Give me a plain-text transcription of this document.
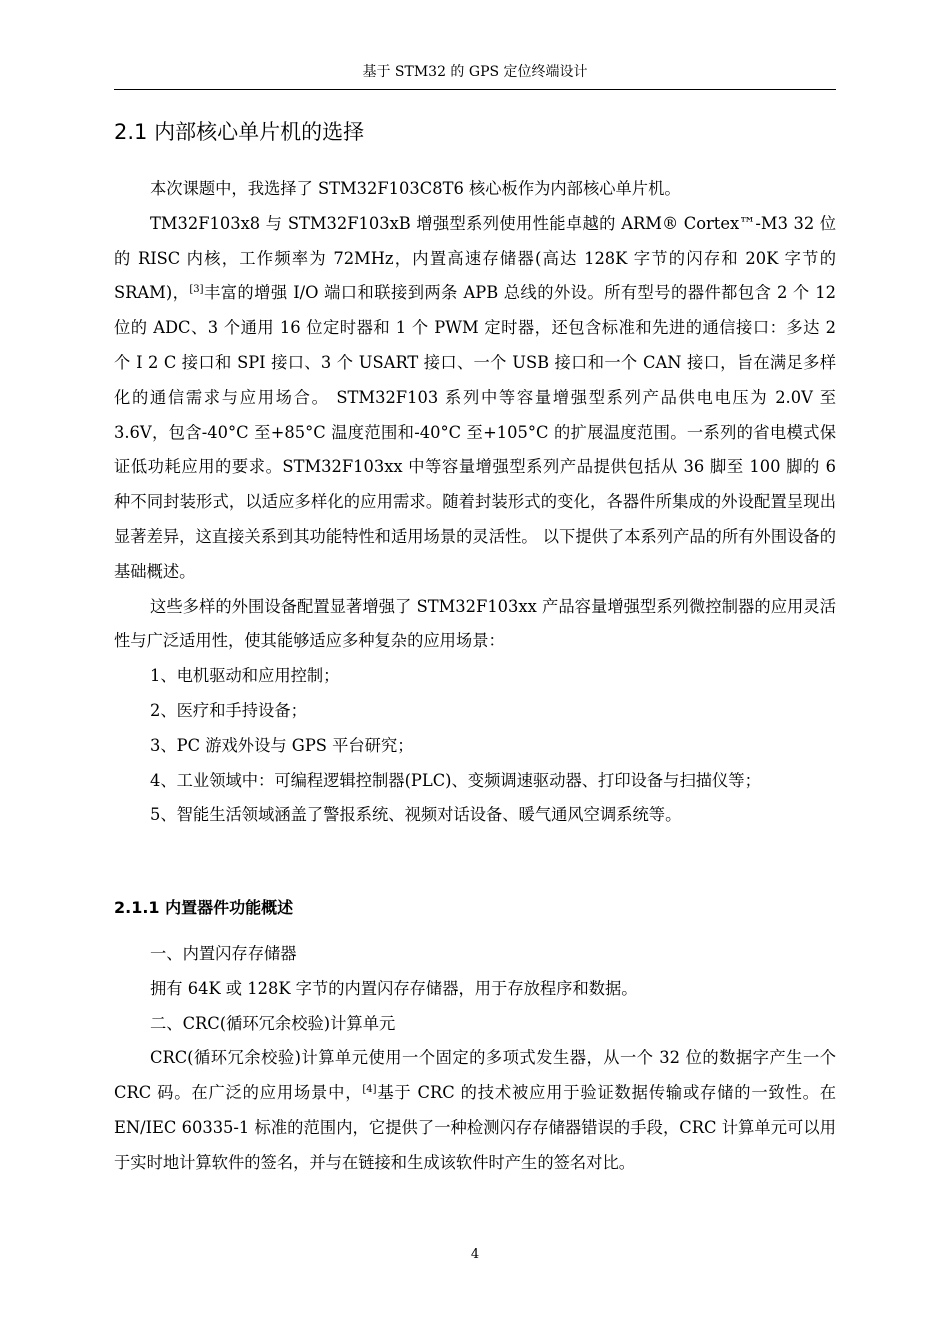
基于 STM32 的 GPS 定位终端设计
2.1 内部核心单片机的选择

本次课题中，我选择了 STM32F103C8T6 核心板作为内部核心单片机。

TM32F103x8 与 STM32F103xB 增强型系列使用性能卓越的 ARM® Cortex™-M3 32 位的 RISC 内核，工作频率为 72MHz，内置高速存储器(高达 128K 字节的闪存和 20K 字节的 SRAM)，[3]丰富的增强 I/O 端口和联接到两条 APB 总线的外设。所有型号的器件都包含 2 个 12 位的 ADC、3 个通用 16 位定时器和 1 个 PWM 定时器，还包含标准和先进的通信接口：多达 2 个 I 2 C 接口和 SPI 接口、3 个 USART 接口、一个 USB 接口和一个 CAN 接口，旨在满足多样化的通信需求与应用场合。 STM32F103 系列中等容量增强型系列产品供电电压为 2.0V 至 3.6V，包含-40°C 至+85°C 温度范围和-40°C 至+105°C 的扩展温度范围。一系列的省电模式保证低功耗应用的要求。STM32F103xx 中等容量增强型系列产品提供包括从 36 脚至 100 脚的 6 种不同封装形式，以适应多样化的应用需求。随着封装形式的变化，各器件所集成的外设配置呈现出显著差异，这直接关系到其功能特性和适用场景的灵活性。 以下提供了本系列产品的所有外围设备的基础概述。

这些多样的外围设备配置显著增强了 STM32F103xx 产品容量增强型系列微控制器的应用灵活性与广泛适用性，使其能够适应多种复杂的应用场景：

1、电机驱动和应用控制；

2、医疗和手持设备；

3、PC 游戏外设与 GPS 平台研究；

4、工业领域中：可编程逻辑控制器(PLC)、变频调速驱动器、打印设备与扫描仪等；

5、智能生活领域涵盖了警报系统、视频对话设备、暖气通风空调系统等。

2.1.1 内置器件功能概述

一、内置闪存存储器

拥有 64K 或 128K 字节的内置闪存存储器，用于存放程序和数据。

二、CRC(循环冗余校验)计算单元

CRC(循环冗余校验)计算单元使用一个固定的多项式发生器，从一个 32 位的数据字产生一个 CRC 码。在广泛的应用场景中，[4]基于 CRC 的技术被应用于验证数据传输或存储的一致性。在 EN/IEC 60335-1 标准的范围内，它提供了一种检测闪存存储器错误的手段，CRC 计算单元可以用于实时地计算软件的签名，并与在链接和生成该软件时产生的签名对比。

4
